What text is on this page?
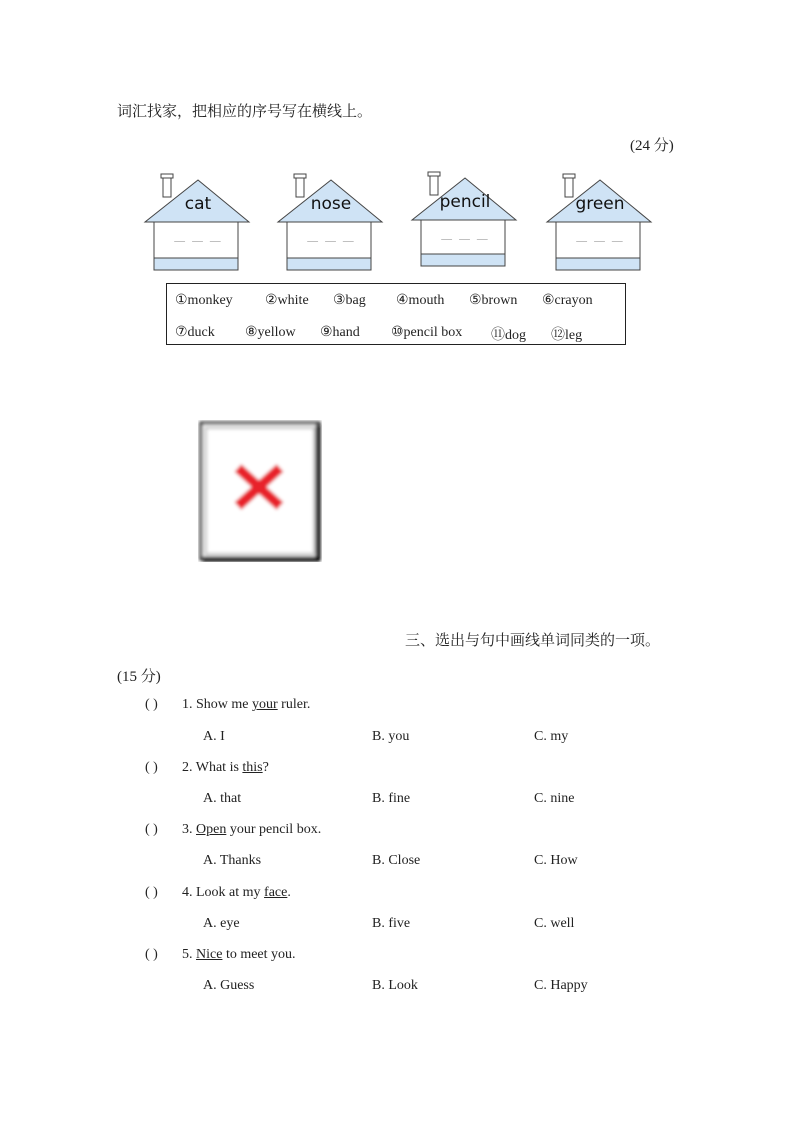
词汇找家，把相应的序号写在横线上。
(24 分)
cat
— — —
nose
— — —
pencil
— — —
green
— — —
①monkey ②white ③bag ④mouth ⑤brown ⑥crayon
⑦duck ⑧yellow ⑨hand ⑩pencil box ⑪dog ⑫leg
三、选出与句中画线单词同类的一项。
(15 分)
( ) 1. Show me your ruler.
A. I	B. you	C. my
( ) 2. What is this?
A. that	B. fine	C. nine
( ) 3. Open your pencil box.
A. Thanks	B. Close	C. How
( ) 4. Look at my face.
A. eye	B. five	C. well
( ) 5. Nice to meet you.
A. Guess	B. Look	C. Happy
